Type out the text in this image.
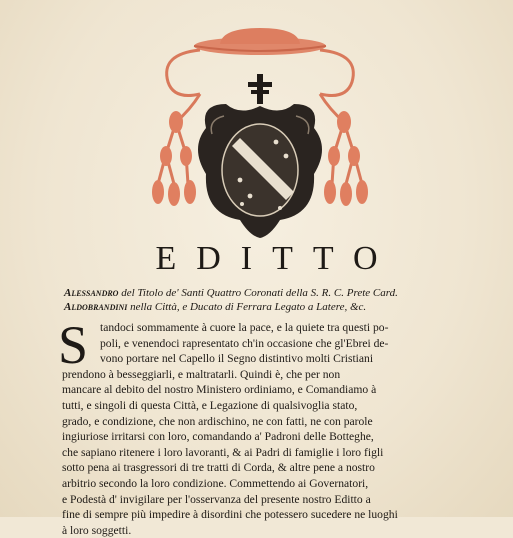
EDITTO
Alessandro del Titolo de' Santi Quattro Coronati della S. R. C. Prete Card.
Aldobrandini nella Città, e Ducato di Ferrara Legato a Latere, &c.
S	tandoci sommamente à cuore la pace, e la quiete tra questi po-
poli, e venendoci rapresentato ch'in occasione che gl'Ebrei de-
vono portare nel Capello il Segno distintivo molti Cristiani
prendono à besseggiarli, e maltratarli. Quindi è, che per non
mancare al debito del nostro Ministero ordiniamo, e Comandiamo à
tutti, e singoli di questa Città, e Legazione di qualsivoglia stato,
grado, e condizione, che non ardischino, ne con fatti, ne con parole
ingiuriose irritarsi con loro, comandando a' Padroni delle Botteghe,
che sapiano ritenere i loro lavoranti, & ai Padri di famiglie i loro figli
sotto pena ai trasgressori di tre tratti di Corda, & altre pene a nostro
arbitrio secondo la loro condizione. Commettendo ai Governatori,
e Podestà d' invigilare per l'osservanza del presente nostro Editto a
fine di sempre più impedire à disordini che potessero sucedere ne luoghi
à loro soggetti.
